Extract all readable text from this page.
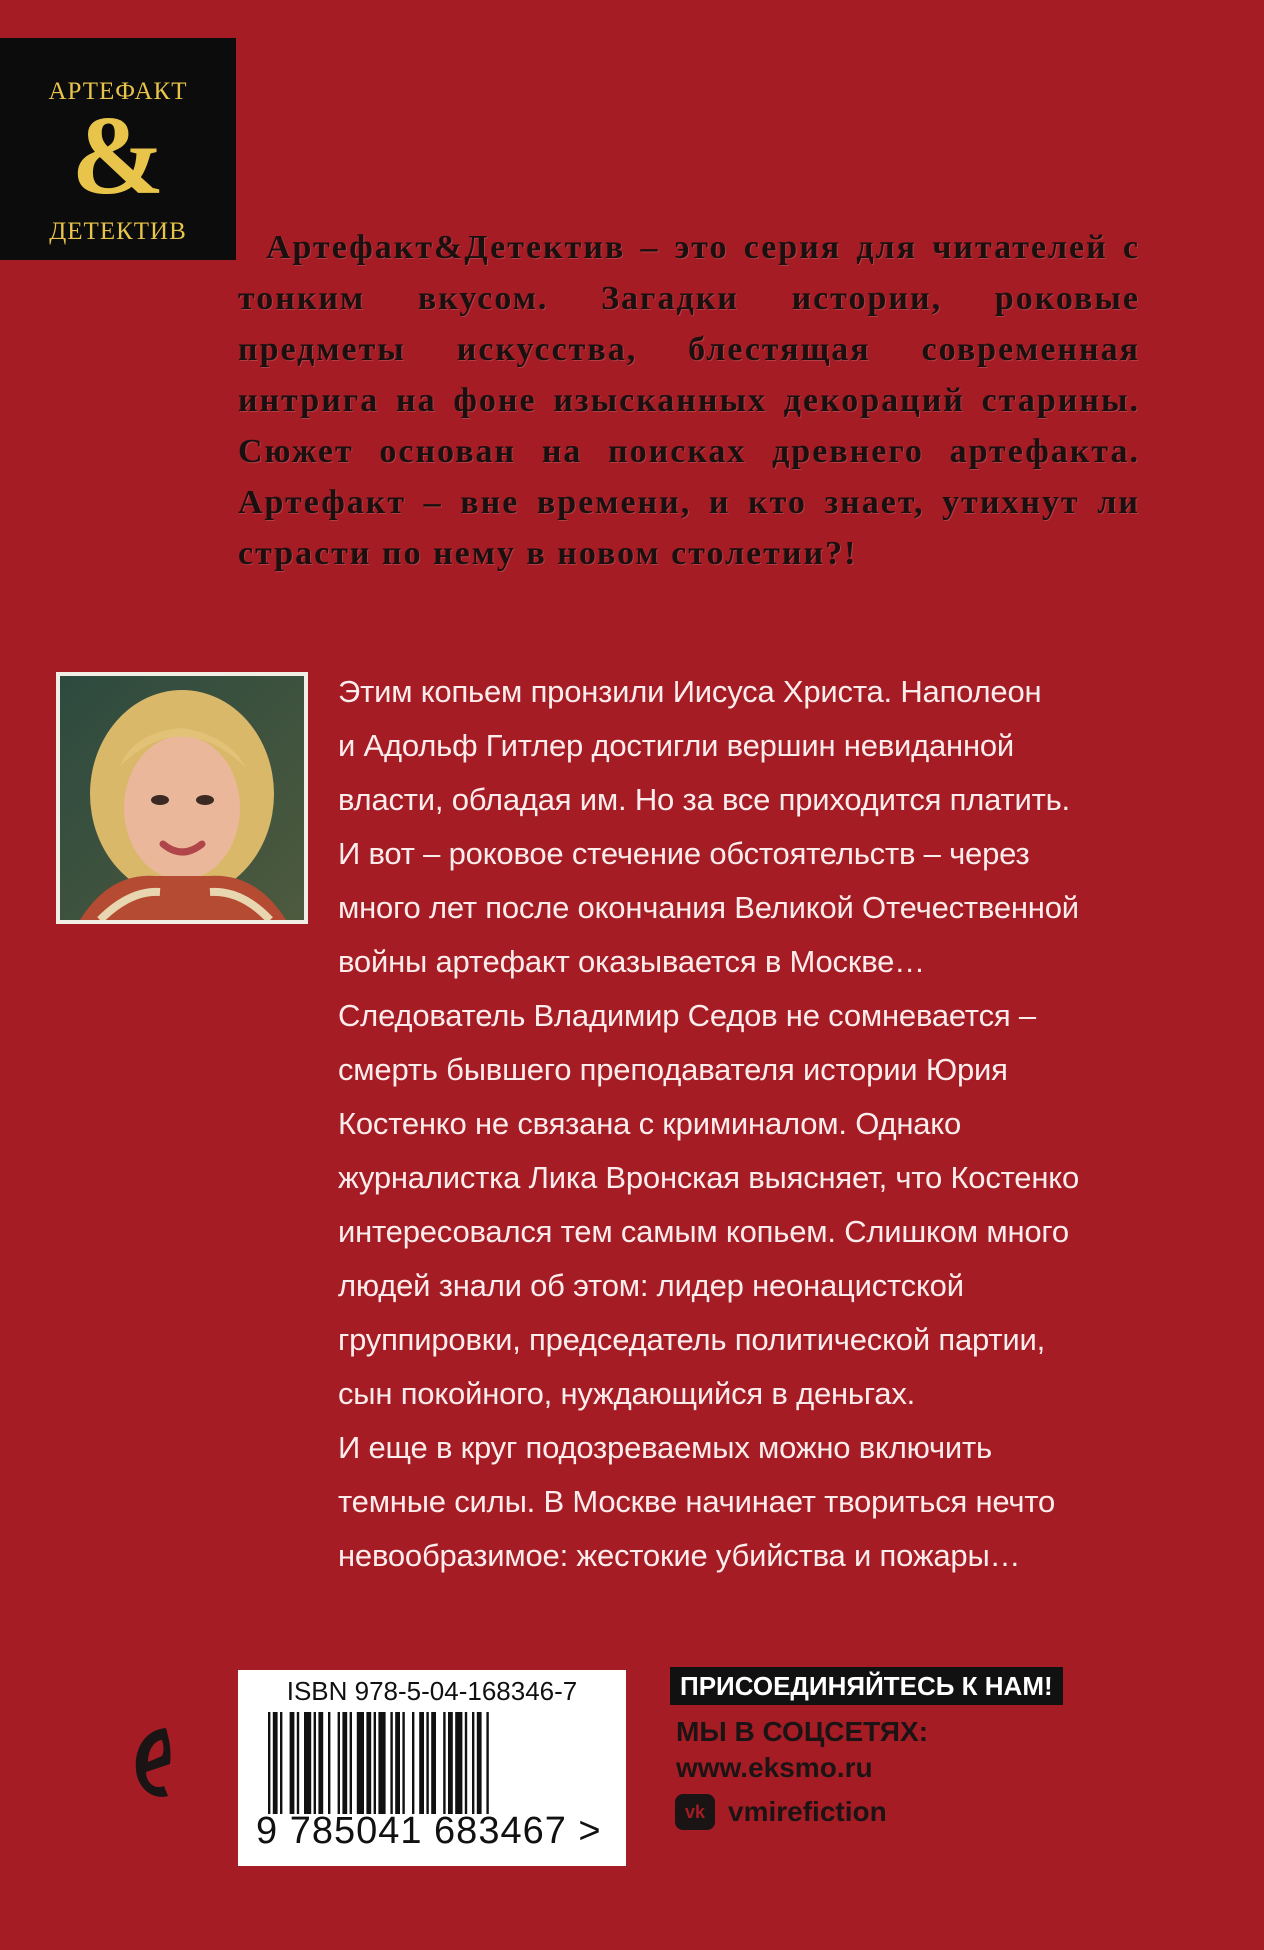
АРТЕФАКТ
&
ДЕТЕКТИВ	Артефакт&Детектив – это серия для читателей с тонким вкусом. Загадки истории, роковые предметы искусства, блестящая современная интрига на фоне изысканных декораций старины. Сюжет основан на поисках древнего артефакта. Артефакт – вне времени, и кто знает, утихнут ли страсти по нему в новом столетии?!

Этим копьем пронзили Иисуса Христа. Наполеон
и Адольф Гитлер достигли вершин невиданной
власти, обладая им. Но за все приходится платить.
И вот – роковое стечение обстоятельств – через
много лет после окончания Великой Отечественной
войны артефакт оказывается в Москве…
Следователь Владимир Седов не сомневается –
смерть бывшего преподавателя истории Юрия
Костенко не связана с криминалом. Однако
журналистка Лика Вронская выясняет, что Костенко
интересовался тем самым копьем. Слишком много
людей знали об этом: лидер неонацистской
группировки, председатель политической партии,
сын покойного, нуждающийся в деньгах.
И еще в круг подозреваемых можно включить
темные силы. В Москве начинает твориться нечто
невообразимое: жестокие убийства и пожары…
ISBN 978-5-04-168346-7
9 785041 683467 >
ПРИСОЕДИНЯЙТЕСЬ К НАМ!
МЫ В СОЦСЕТЯХ:
www.eksmo.ru
vk vmirefiction
